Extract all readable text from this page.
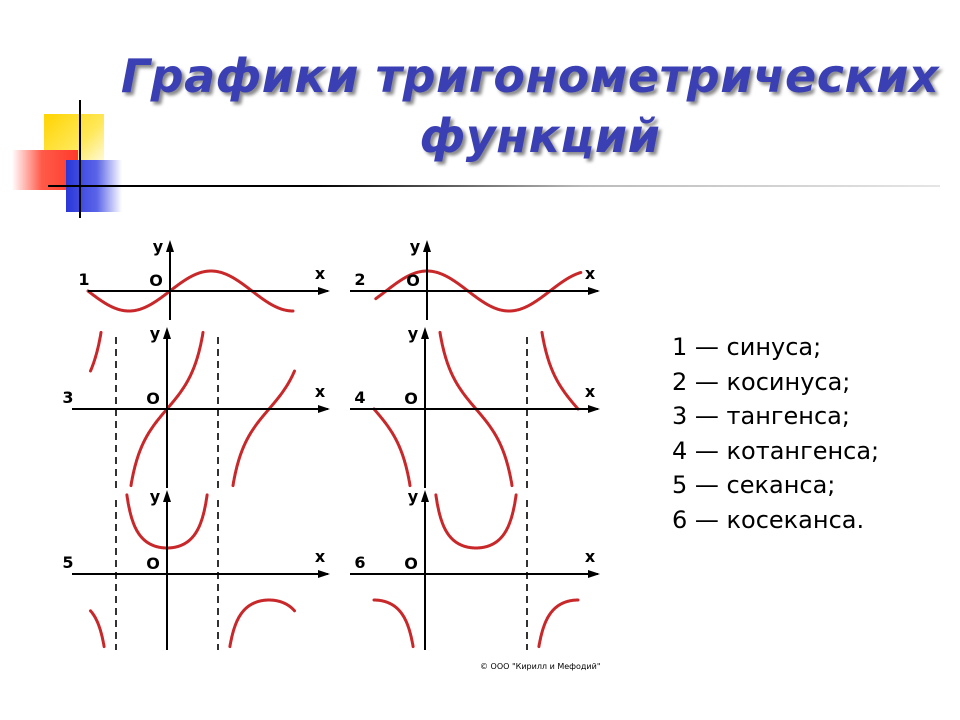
Графики тригонометрических
функций
y
x
O
1
y
x
O
2
y
x
O
3
y
x
O
4
y
x
O
5
y
x
O
6
1 — синуса;
2 — косинуса;
3 — тангенса;
4 — котангенса;
5 — секанса;
6 — косеканса.
© ООО "Кирилл и Мефодий"
